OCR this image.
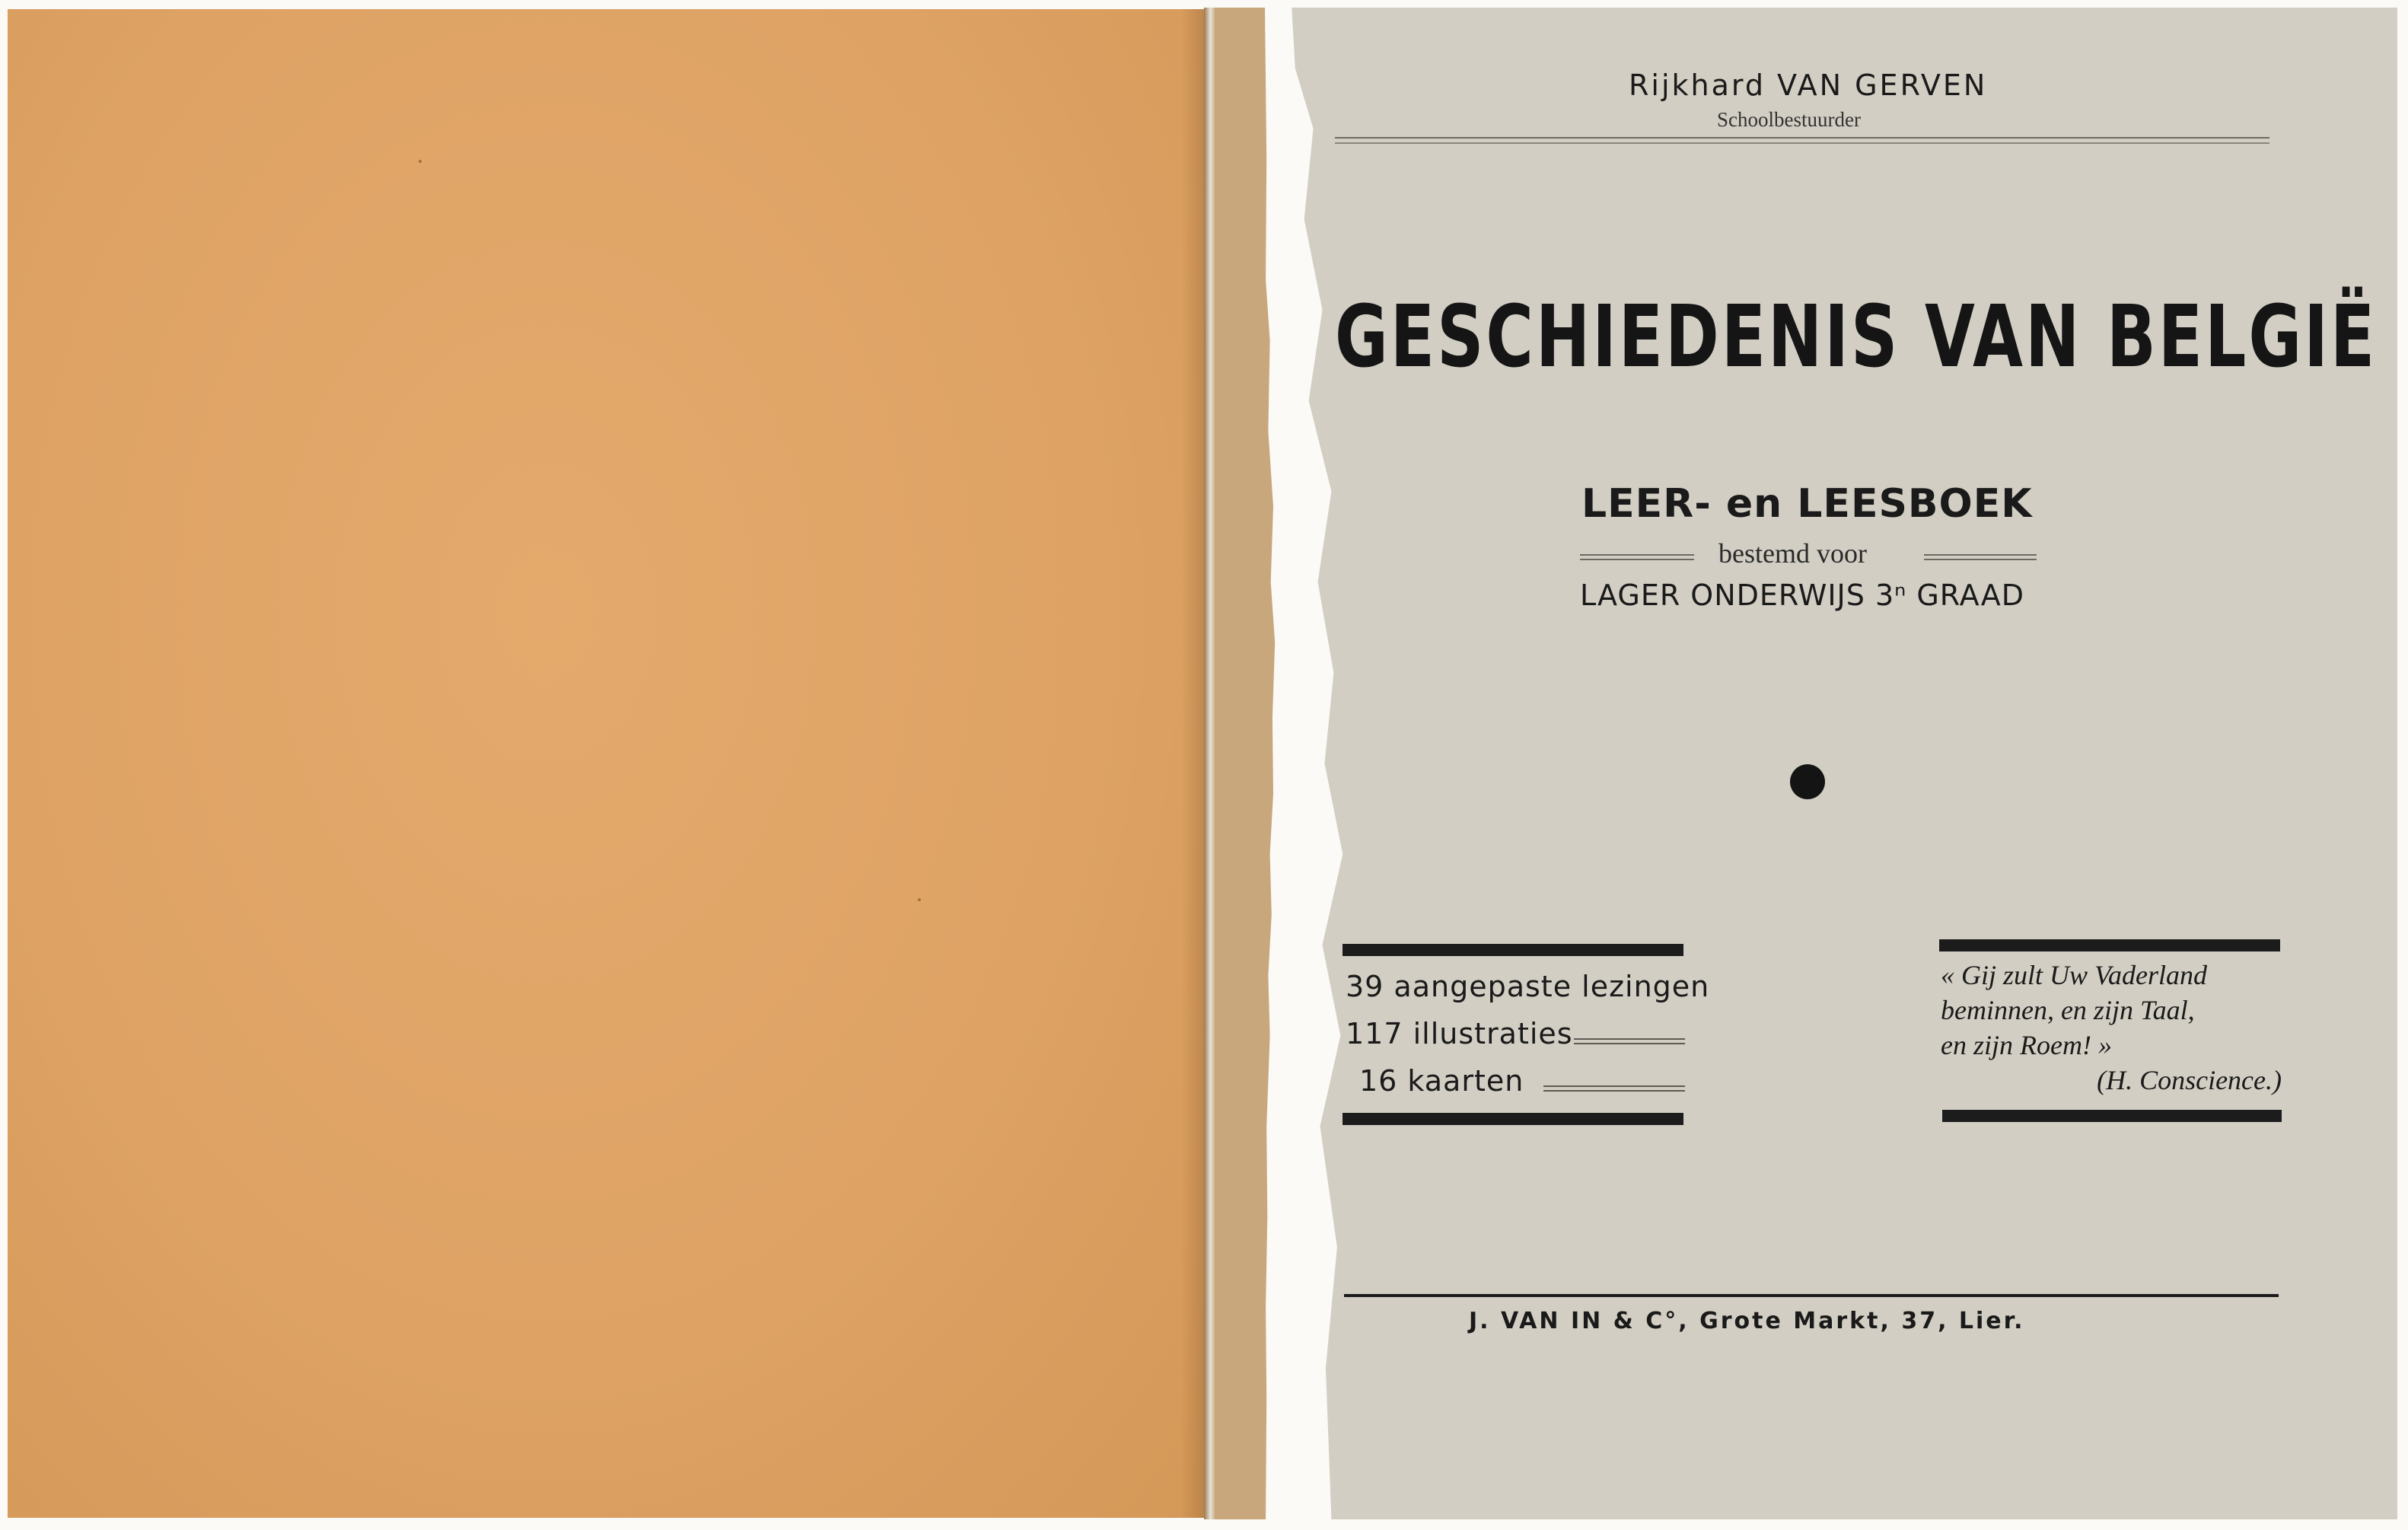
Rijkhard VAN GERVEN

Schoolbestuurder

GESCHIEDENIS VAN BELGIË

LEER- en LEESBOEK

bestemd voor

LAGER ONDERWIJS 3ⁿ GRAAD

39 aangepaste lezingen

117 illustraties

16 kaarten

« Gij zult Uw Vaderland
beminnen, en zijn Taal,
en zijn Roem! »
(H. Conscience.)

J. VAN IN & C°, Grote Markt, 37, Lier.
